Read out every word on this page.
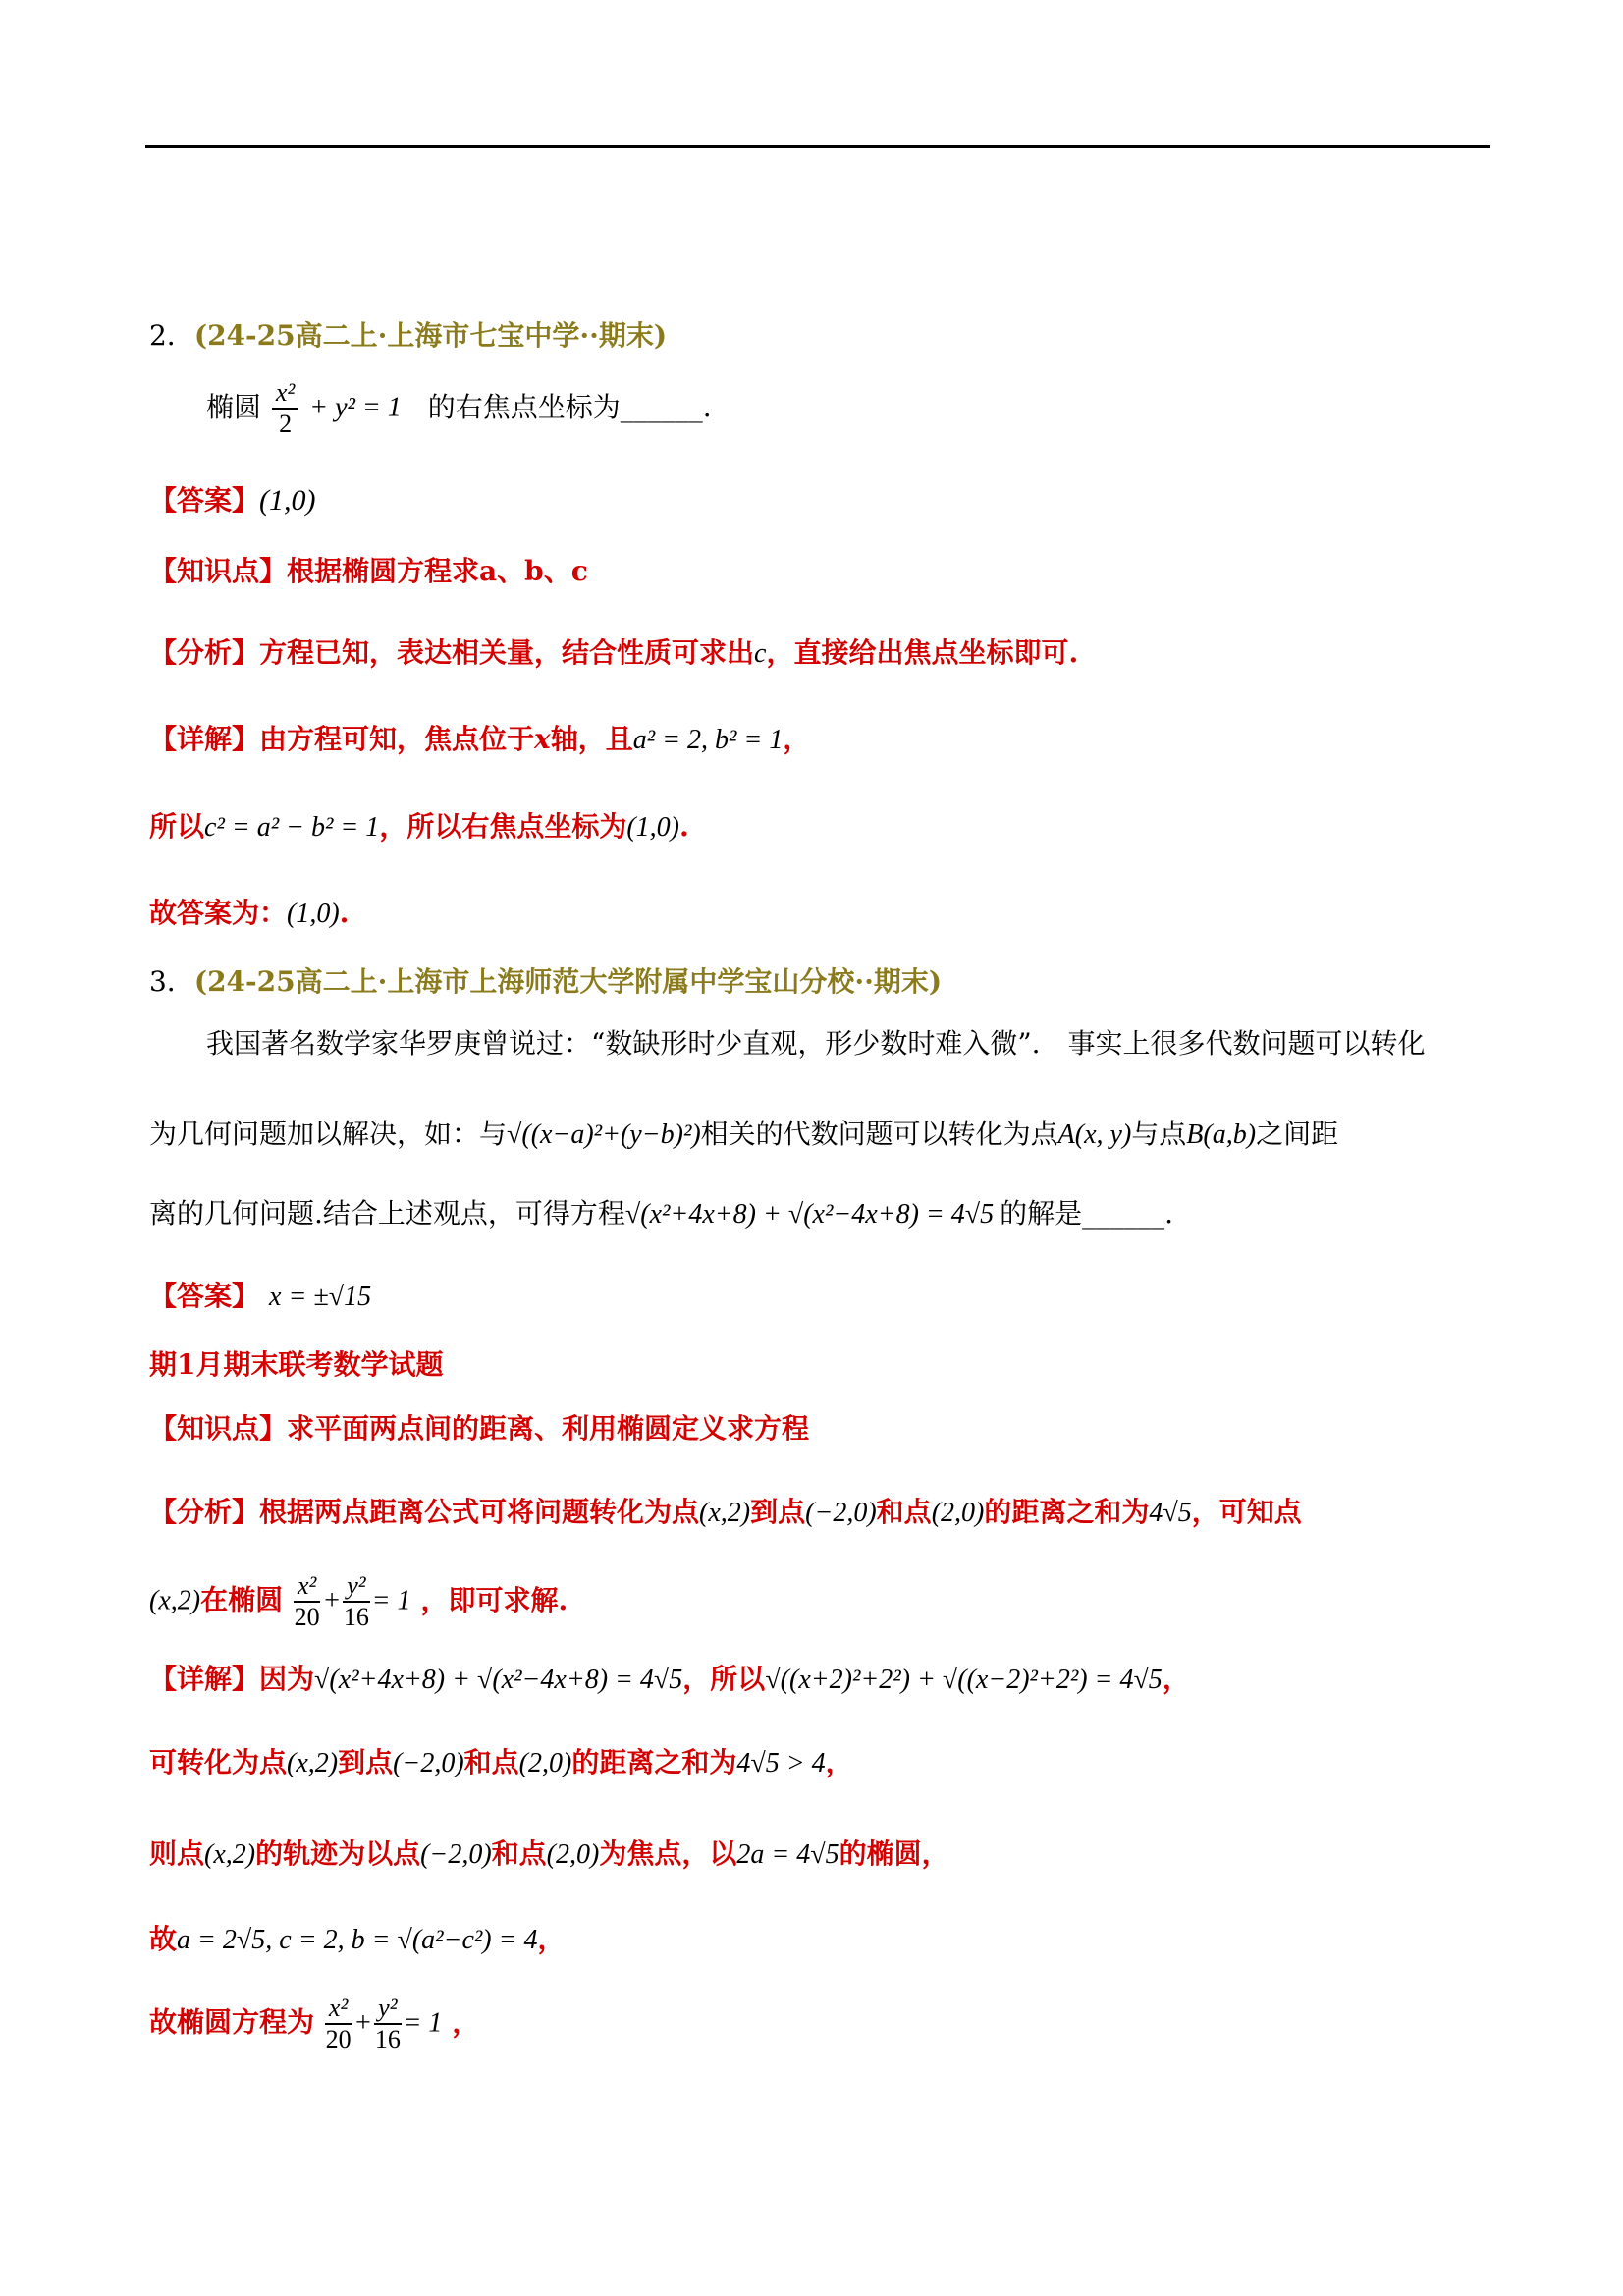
2．(24-25高二上·上海市七宝中学··期末)
椭圆 $\frac{\text{x²}}{2} + y^2 = 1$ 的右焦点坐标为______.
【答案】(1,0)
【知识点】根据椭圆方程求a、b、c
【分析】方程已知，表达相关量，结合性质可求出c，直接给出焦点坐标即可.
【详解】由方程可知，焦点位于x轴，且a² = 2, b² = 1，
所以c² = a² − b² = 1，所以右焦点坐标为(1,0).
故答案为：(1,0).
3．(24-25高二上·上海市上海师范大学附属中学宝山分校··期末)
我国著名数学家华罗庚曾说过：“数缺形时少直观，形少数时难入微”.　事实上很多代数问题可以转化
为几何问题加以解决，如：与√((x−a)²+(y−b)²)相关的代数问题可以转化为点A(x, y)与点B(a,b)之间距
离的几何问题.结合上述观点，可得方程√(x²+4x+8) + √(x²−4x+8) = 4√5 的解是______.
【答案】 x = ±√15
期1月期末联考数学试题
【知识点】求平面两点间的距离、利用椭圆定义求方程
【分析】根据两点距离公式可将问题转化为点(x,2)到点(−2,0)和点(2,0)的距离之和为4√5，可知点
(x,2)在椭圆 $\frac{\text{x²}}{20} + \frac{\text{y²}}{16} = 1$ ，即可求解.
【详解】因为√(x²+4x+8) + √(x²−4x+8) = 4√5，所以√((x+2)²+2²) + √((x−2)²+2²) = 4√5，
可转化为点(x,2)到点(−2,0)和点(2,0)的距离之和为4√5 > 4，
则点(x,2)的轨迹为以点(−2,0)和点(2,0)为焦点，以2a = 4√5的椭圆，
故a = 2√5, c = 2, b = √(a²−c²) = 4，
故椭圆方程为 $\frac{\text{x²}}{20} + \frac{\text{y²}}{16} = 1$ ，
